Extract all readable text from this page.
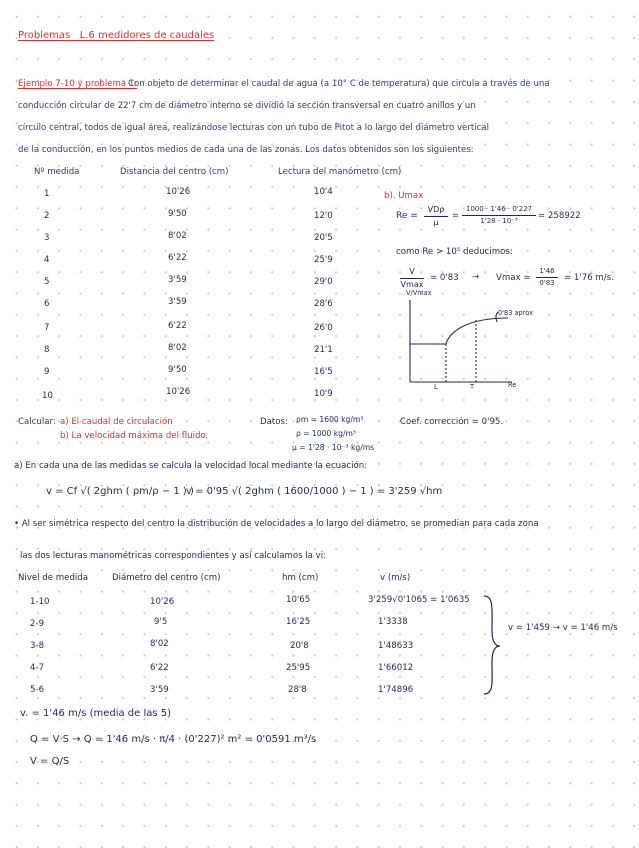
Problemas L.6 medidores de caudales
Ejemplo 7-10 y problema 1:
Con objeto de determinar el caudal de agua (a 10° C de temperatura) que circula a través de una
conducción circular de 22'7 cm de diámetro interno se dividió la sección transversal en cuatro anillos y un
círculo central, todos de igual área, realizándose lecturas con un tubo de Pitot a lo largo del diámetro vertical
de la conducción, en los puntos medios de cada una de las zonas. Los datos obtenidos son los siguientes:
Nº medida	Distancia del centro (cm)	Lectura del manómetro (cm)
1	10'26	10'4
2	9'50	12'0
3	8'02	20'5
4	6'22	25'9
5	3'59	29'0
6	3'59	28'6
7	6'22	26'0
8	8'02	21'1
9	9'50	16'5
10	10'26	10'9
b). Umax
Re =
VDρ
μ
=
1000 · 1'46 · 0'227
1'28 · 10⁻³	= 258922
como Re > 10⁵ deducimos:
V
Vmax
= 0'83 → Vmax =
1'46
0'83	= 1'76 m/s.
V/Vmax
0'83 aprox
L	T	Re
Calcular: a) El caudal de circulación
b) La velocidad máxima del fluido.
Datos: ρm = 1600 kg/m³
ρ = 1000 kg/m³
μ = 1'28 · 10⁻³ kg/ms
Coef. corrección = 0'95.
a) En cada una de las medidas se calcula la velocidad local mediante la ecuación:
v = Cf √( 2ghm ( ρm/ρ − 1 ) )
v = 0'95 √( 2ghm ( 1600/1000 ) − 1 ) = 3'259 √hm
• Al ser simétrica respecto del centro la distribución de velocidades a lo largo del diámetro, se promedian para cada zona
las dos lecturas manométricas correspondientes y así calculamos la vi:
Nivel de medida	Diámetro del centro (cm)	hm (cm)	v (m/s)
1-10	10'26	10'65	3'259√0'1065 = 1'0635
2-9	9'5	16'25	1'3338
3-8	8'02	20'8	1'48633
4-7	6'22	25'95	1'66012
5-6	3'59	28'8	1'74896
v = 1'459 → v = 1'46 m/s
v. = 1'46 m/s (media de las 5)
Q = V·S → Q = 1'46 m/s · π/4 · (0'227)² m² = 0'0591 m³/s
V = Q/S
